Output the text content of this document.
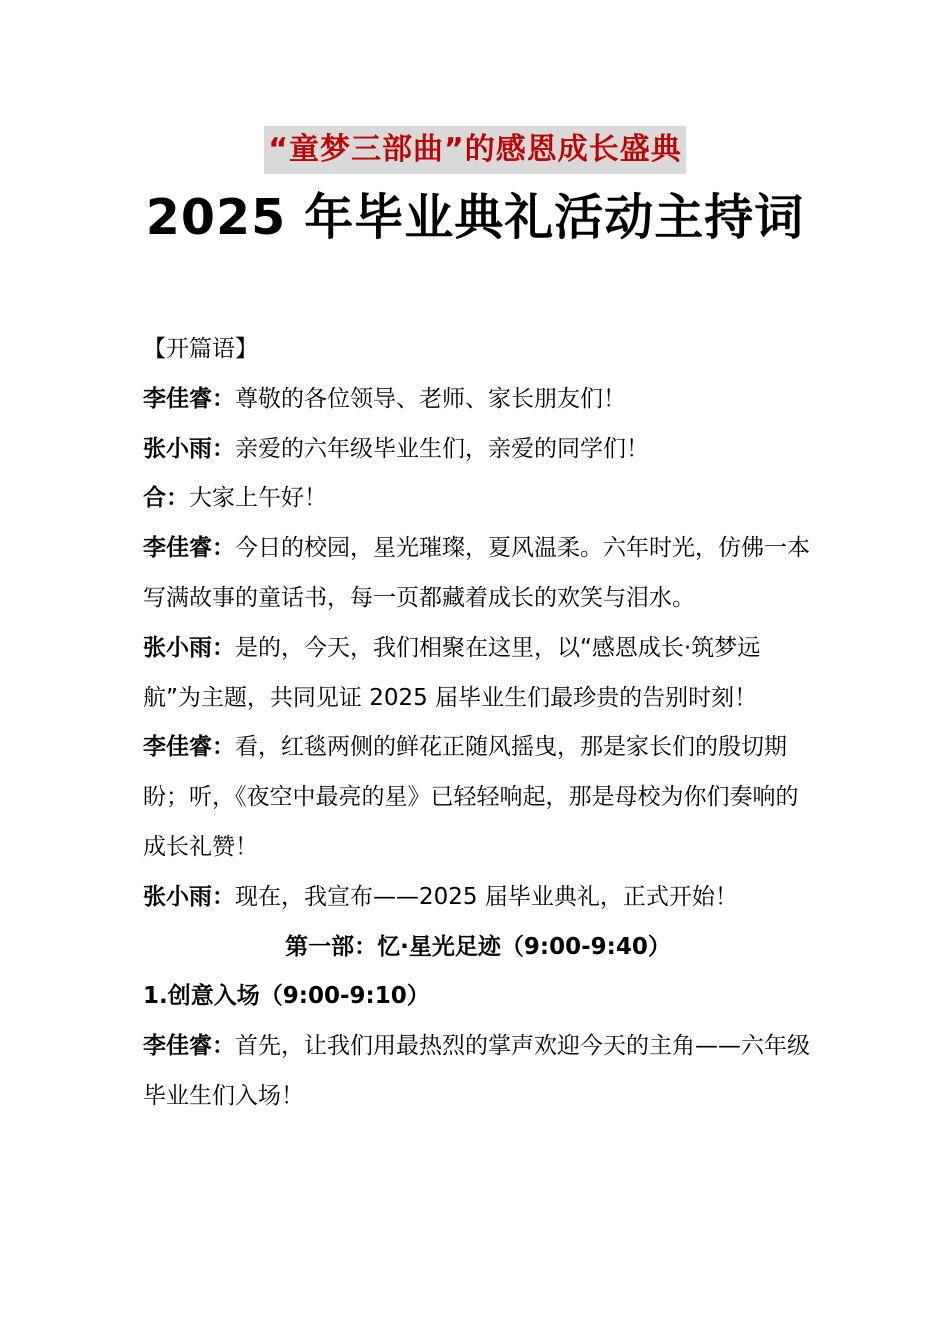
“童梦三部曲”的感恩成长盛典
2025 年毕业典礼活动主持词

【开篇语】

李佳睿：尊敬的各位领导、老师、家长朋友们！

张小雨：亲爱的六年级毕业生们，亲爱的同学们！

合：大家上午好！

李佳睿：今日的校园，星光璀璨，夏风温柔。六年时光，仿佛一本写满故事的童话书，每一页都藏着成长的欢笑与泪水。

张小雨：是的，今天，我们相聚在这里，以“感恩成长·筑梦远航”为主题，共同见证 2025 届毕业生们最珍贵的告别时刻！

李佳睿：看，红毯两侧的鲜花正随风摇曳，那是家长们的殷切期盼；听，《夜空中最亮的星》已轻轻响起，那是母校为你们奏响的成长礼赞！

张小雨：现在，我宣布——2025 届毕业典礼，正式开始！

第一部：忆·星光足迹（9:00-9:40）

1.创意入场（9:00-9:10）

李佳睿：首先，让我们用最热烈的掌声欢迎今天的主角——六年级毕业生们入场！
